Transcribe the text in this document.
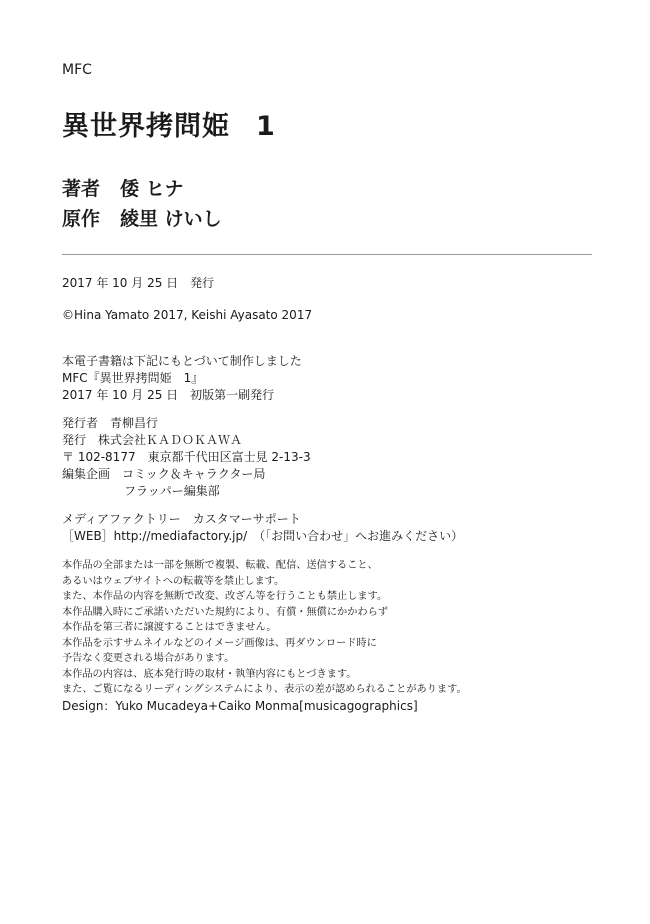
MFC
異世界拷問姫 1
著者 倭 ヒナ
原作 綾里 けいし
2017 年 10 月 25 日　発行
©Hina Yamato 2017, Keishi Ayasato 2017
本電子書籍は下記にもとづいて制作しました
MFC『異世界拷問姫　1』
2017 年 10 月 25 日　初版第一刷発行
発行者　青柳昌行
発行　株式会社ＫＡＤＯＫＡＷＡ
〒 102-8177　東京都千代田区富士見 2-13-3
編集企画　コミック＆キャラクター局
フラッパー編集部
メディアファクトリー　カスタマーサポート
［WEB］http://mediafactory.jp/　（「お問い合わせ」へお進みください）
本作品の全部または一部を無断で複製、転載、配信、送信すること、
あるいはウェブサイトへの転載等を禁止します。
また、本作品の内容を無断で改変、改ざん等を行うことも禁止します。
本作品購入時にご承諾いただいた規約により、有償・無償にかかわらず
本作品を第三者に譲渡することはできません。
本作品を示すサムネイルなどのイメージ画像は、再ダウンロード時に
予告なく変更される場合があります。
本作品の内容は、底本発行時の取材・執筆内容にもとづきます。
また、ご覧になるリーディングシステムにより、表示の差が認められることがあります。
Design：Yuko Mucadeya+Caiko Monma[musicagographics]
